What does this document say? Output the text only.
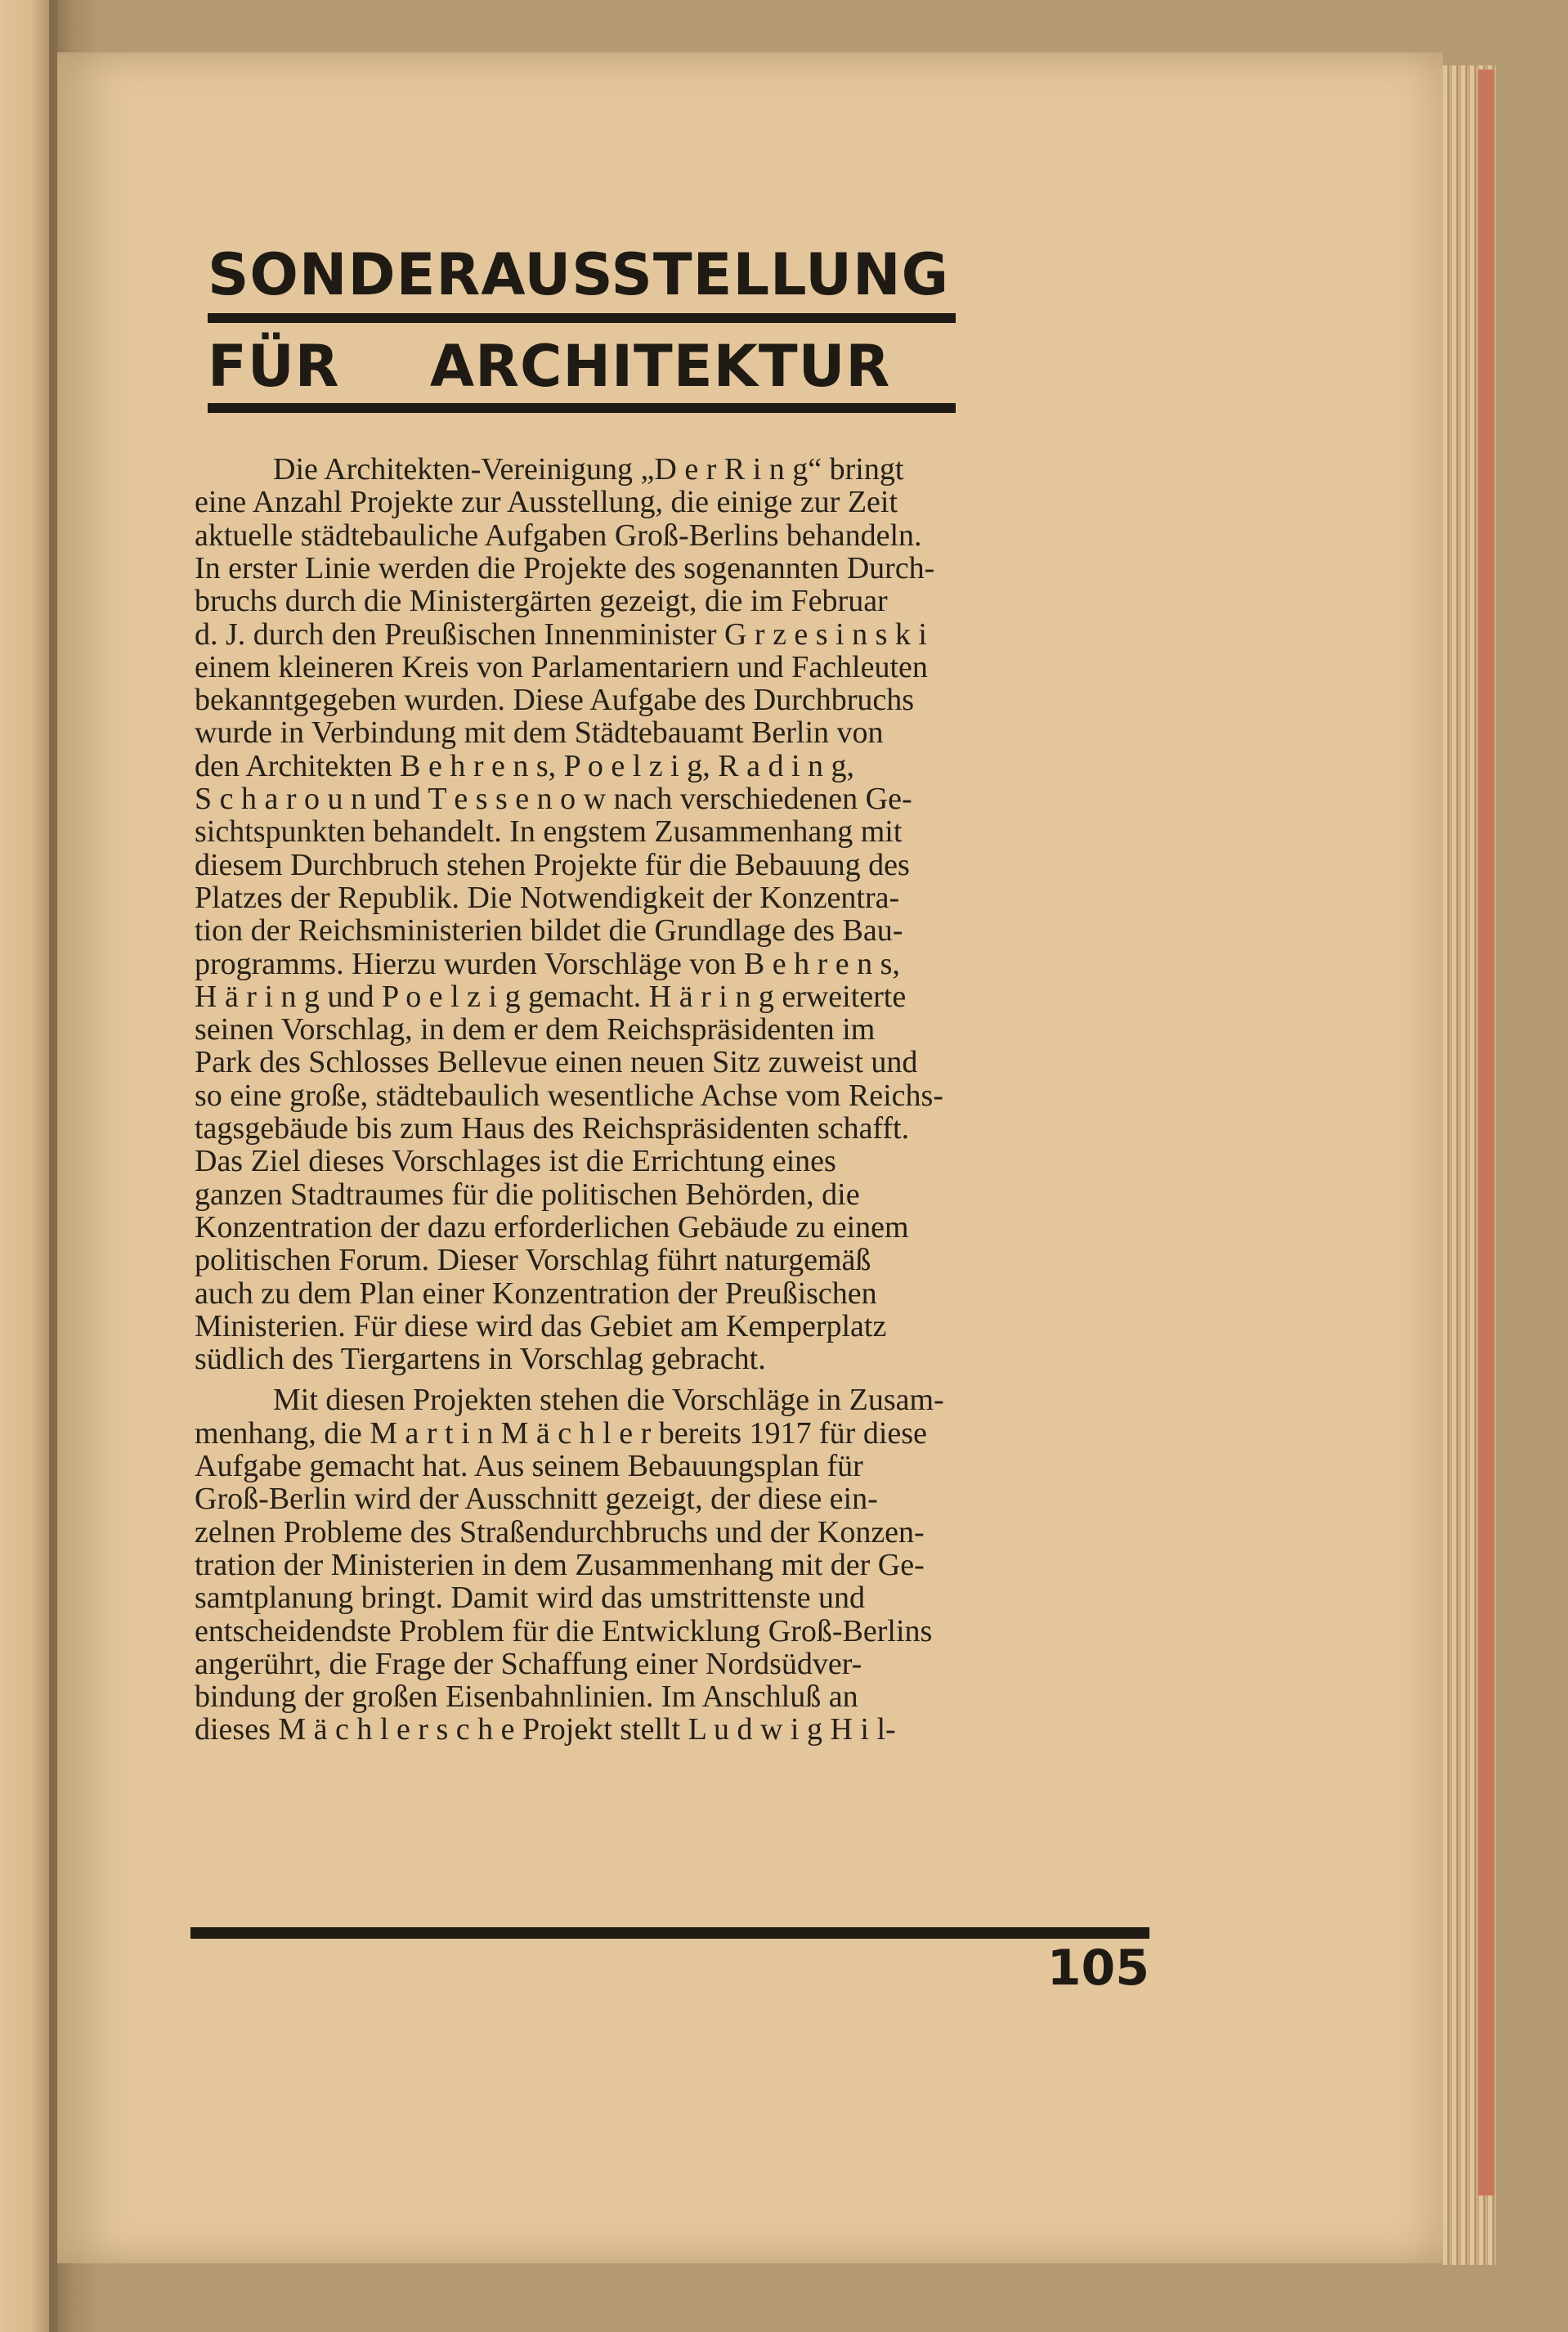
SONDERAUSSTELLUNG
FÜR ARCHITEKTUR
Die Architekten-Vereinigung „D e r R i n g“ bringt
eine Anzahl Projekte zur Ausstellung, die einige zur Zeit
aktuelle städtebauliche Aufgaben Groß-Berlins behandeln.
In erster Linie werden die Projekte des sogenannten Durch-
bruchs durch die Ministergärten gezeigt, die im Februar
d. J. durch den Preußischen Innenminister G r z e s i n s k i
einem kleineren Kreis von Parlamentariern und Fachleuten
bekanntgegeben wurden. Diese Aufgabe des Durchbruchs
wurde in Verbindung mit dem Städtebauamt Berlin von
den Architekten B e h r e n s, P o e l z i g, R a d i n g,
S c h a r o u n und T e s s e n o w nach verschiedenen Ge-
sichtspunkten behandelt. In engstem Zusammenhang mit
diesem Durchbruch stehen Projekte für die Bebauung des
Platzes der Republik. Die Notwendigkeit der Konzentra-
tion der Reichsministerien bildet die Grundlage des Bau-
programms. Hierzu wurden Vorschläge von B e h r e n s,
H ä r i n g und P o e l z i g gemacht. H ä r i n g erweiterte
seinen Vorschlag, in dem er dem Reichspräsidenten im
Park des Schlosses Bellevue einen neuen Sitz zuweist und
so eine große, städtebaulich wesentliche Achse vom Reichs-
tagsgebäude bis zum Haus des Reichspräsidenten schafft.
Das Ziel dieses Vorschlages ist die Errichtung eines
ganzen Stadtraumes für die politischen Behörden, die
Konzentration der dazu erforderlichen Gebäude zu einem
politischen Forum. Dieser Vorschlag führt naturgemäß
auch zu dem Plan einer Konzentration der Preußischen
Ministerien. Für diese wird das Gebiet am Kemperplatz
südlich des Tiergartens in Vorschlag gebracht.
Mit diesen Projekten stehen die Vorschläge in Zusam-
menhang, die M a r t i n M ä c h l e r bereits 1917 für diese
Aufgabe gemacht hat. Aus seinem Bebauungsplan für
Groß-Berlin wird der Ausschnitt gezeigt, der diese ein-
zelnen Probleme des Straßendurchbruchs und der Konzen-
tration der Ministerien in dem Zusammenhang mit der Ge-
samtplanung bringt. Damit wird das umstrittenste und
entscheidendste Problem für die Entwicklung Groß-Berlins
angerührt, die Frage der Schaffung einer Nordsüdver-
bindung der großen Eisenbahnlinien. Im Anschluß an
dieses M ä c h l e r s c h e Projekt stellt L u d w i g H i l-
105
